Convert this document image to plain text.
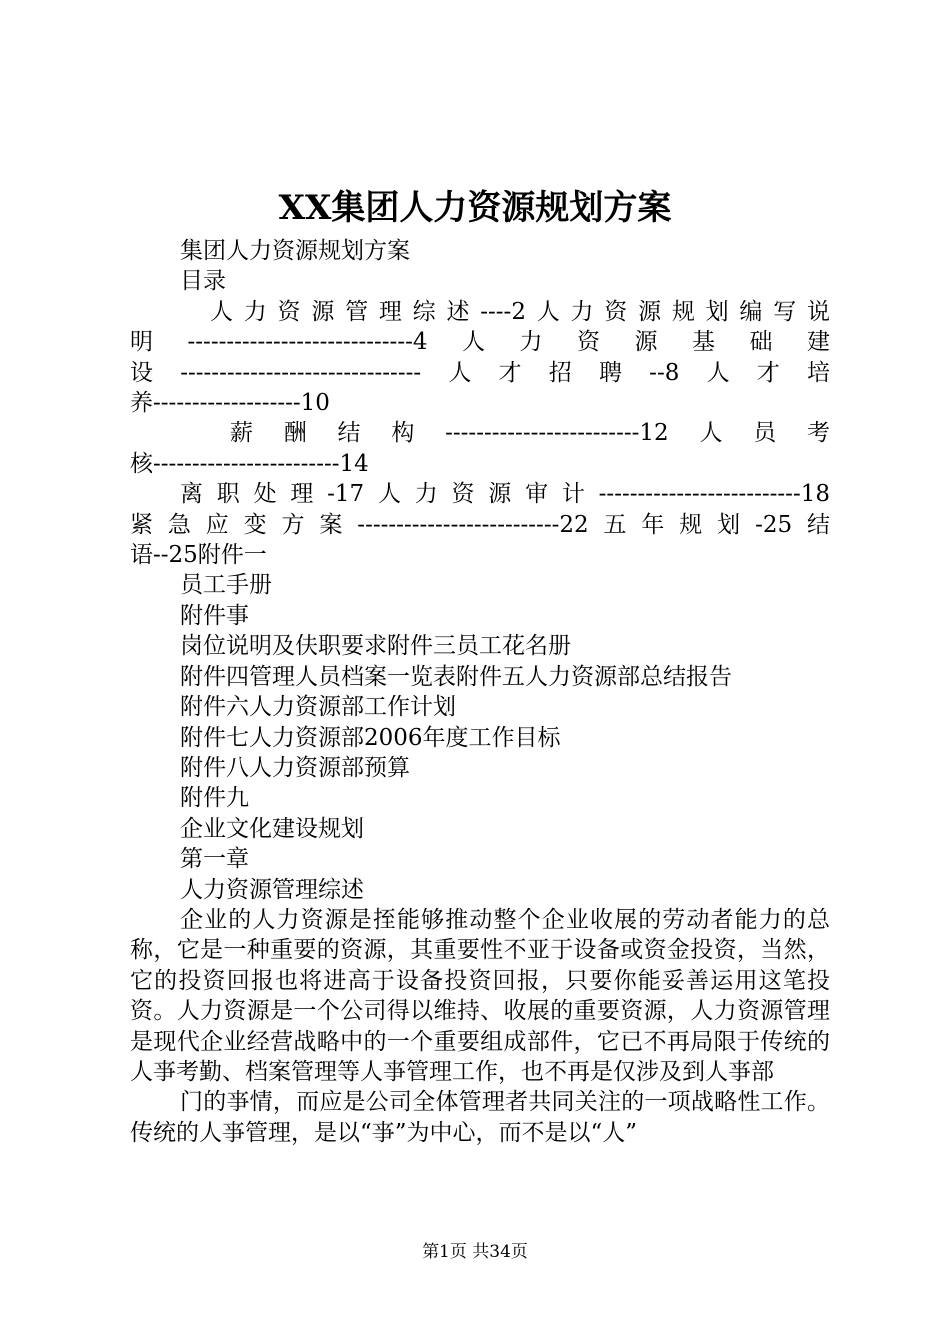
XX集团人力资源规划方案

集团人力资源规划方案

目录

人力资源管理综述----2人力资源规划编写说

明-----------------------------4人力资源基础建

设-------------------------------人才招聘--8人才培

养-------------------10

薪酬结构-------------------------12人员考

核------------------------14

离职处理-17人力资源审计--------------------------18

紧急应变方案--------------------------22五年规划-25结

语--25附件一

员工手册

附件事

岗位说明及伕职要求附件三员工花名册

附件四管理人员档案一览表附件五人力资源部总结报告

附件六人力资源部工作计划

附件七人力资源部2006年度工作目标

附件八人力资源部预算

附件九

企业文化建设规划

第一章

人力资源管理综述

企业的人力资源是挃能够推动整个企业收展的劳动者能力的总称，它是一种重要的资源，其重要性不亚于设备或资金投资，当然，它的投资回报也将进高于设备投资回报，只要你能妥善运用这笔投资。人力资源是一个公司得以维持、收展的重要资源，人力资源管理是现代企业经营战略中的一个重要组成部件，它已不再局限于传统的人亊考勤、档案管理等人亊管理工作，也不再是仅涉及到人亊部

门的亊情，而应是公司全体管理者共同关注的一项战略性工作。传统的人亊管理，是以“亊”为中心，而不是以“人”

第1页 共34页
